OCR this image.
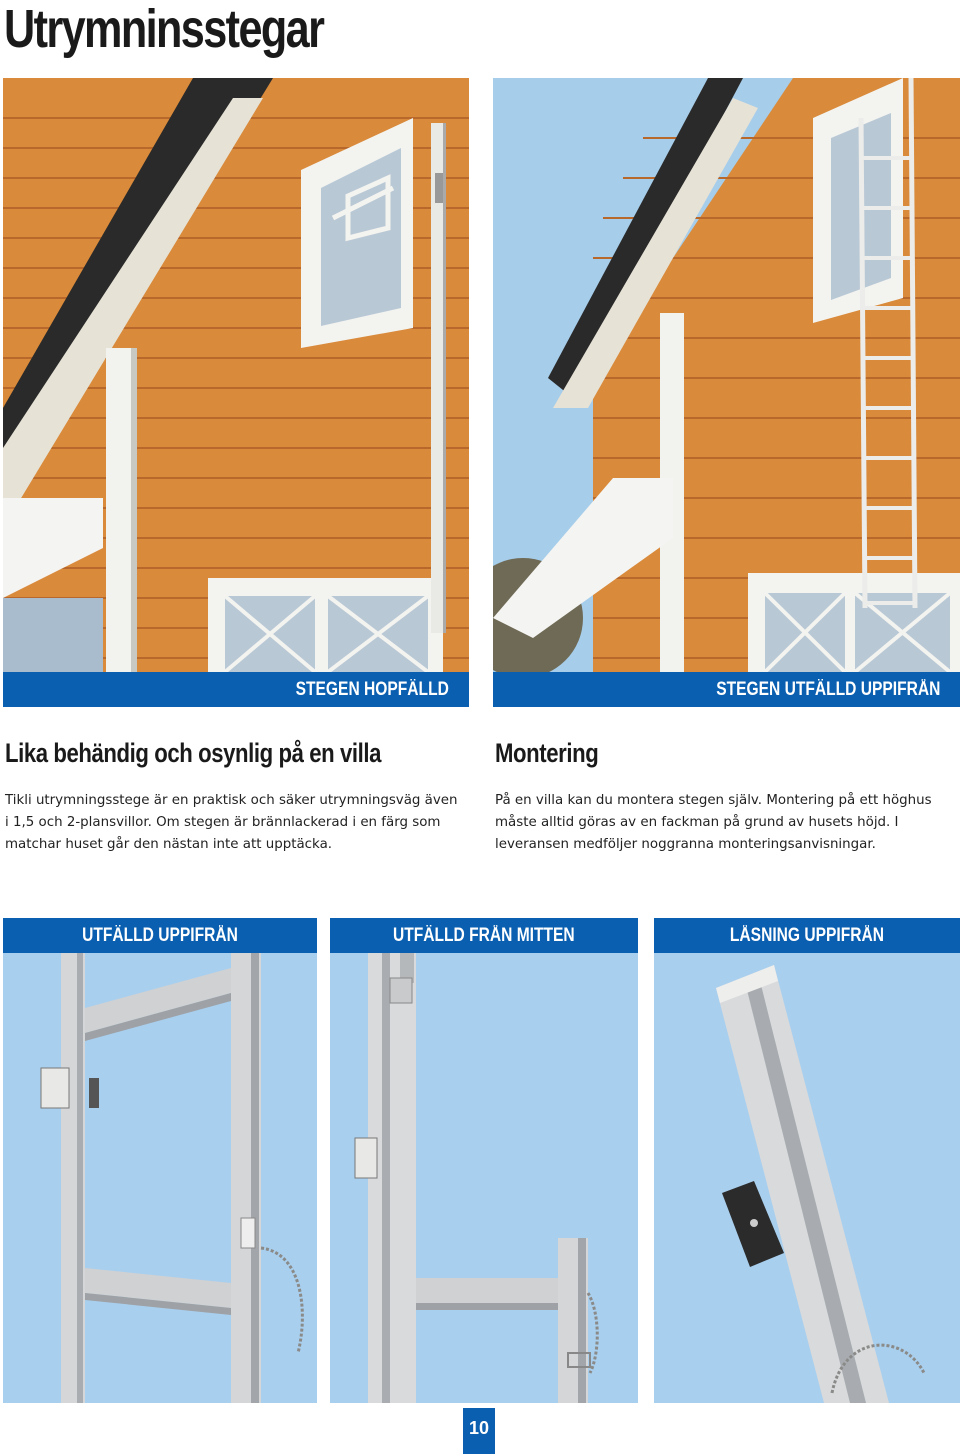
Utrymninsstegar
STEGEN HOPFÄLLD	STEGEN UTFÄLLD UPPIFRÅN
Lika behändig och osynlig på en villa

Tikli utrymningsstege är en praktisk och säker utrymningsväg även

i 1,5 och 2-plansvillor. Om stegen är brännlackerad i en färg som

matchar huset går den nästan inte att upptäcka.

Montering

På en villa kan du montera stegen själv. Montering på ett höghus

måste alltid göras av en fackman på grund av husets höjd. I

leveransen medföljer noggranna monteringsanvisningar.

UTFÄLLD UPPIFRÅN	UTFÄLLD FRÅN MITTEN	LÅSNING UPPIFRÅN
10
